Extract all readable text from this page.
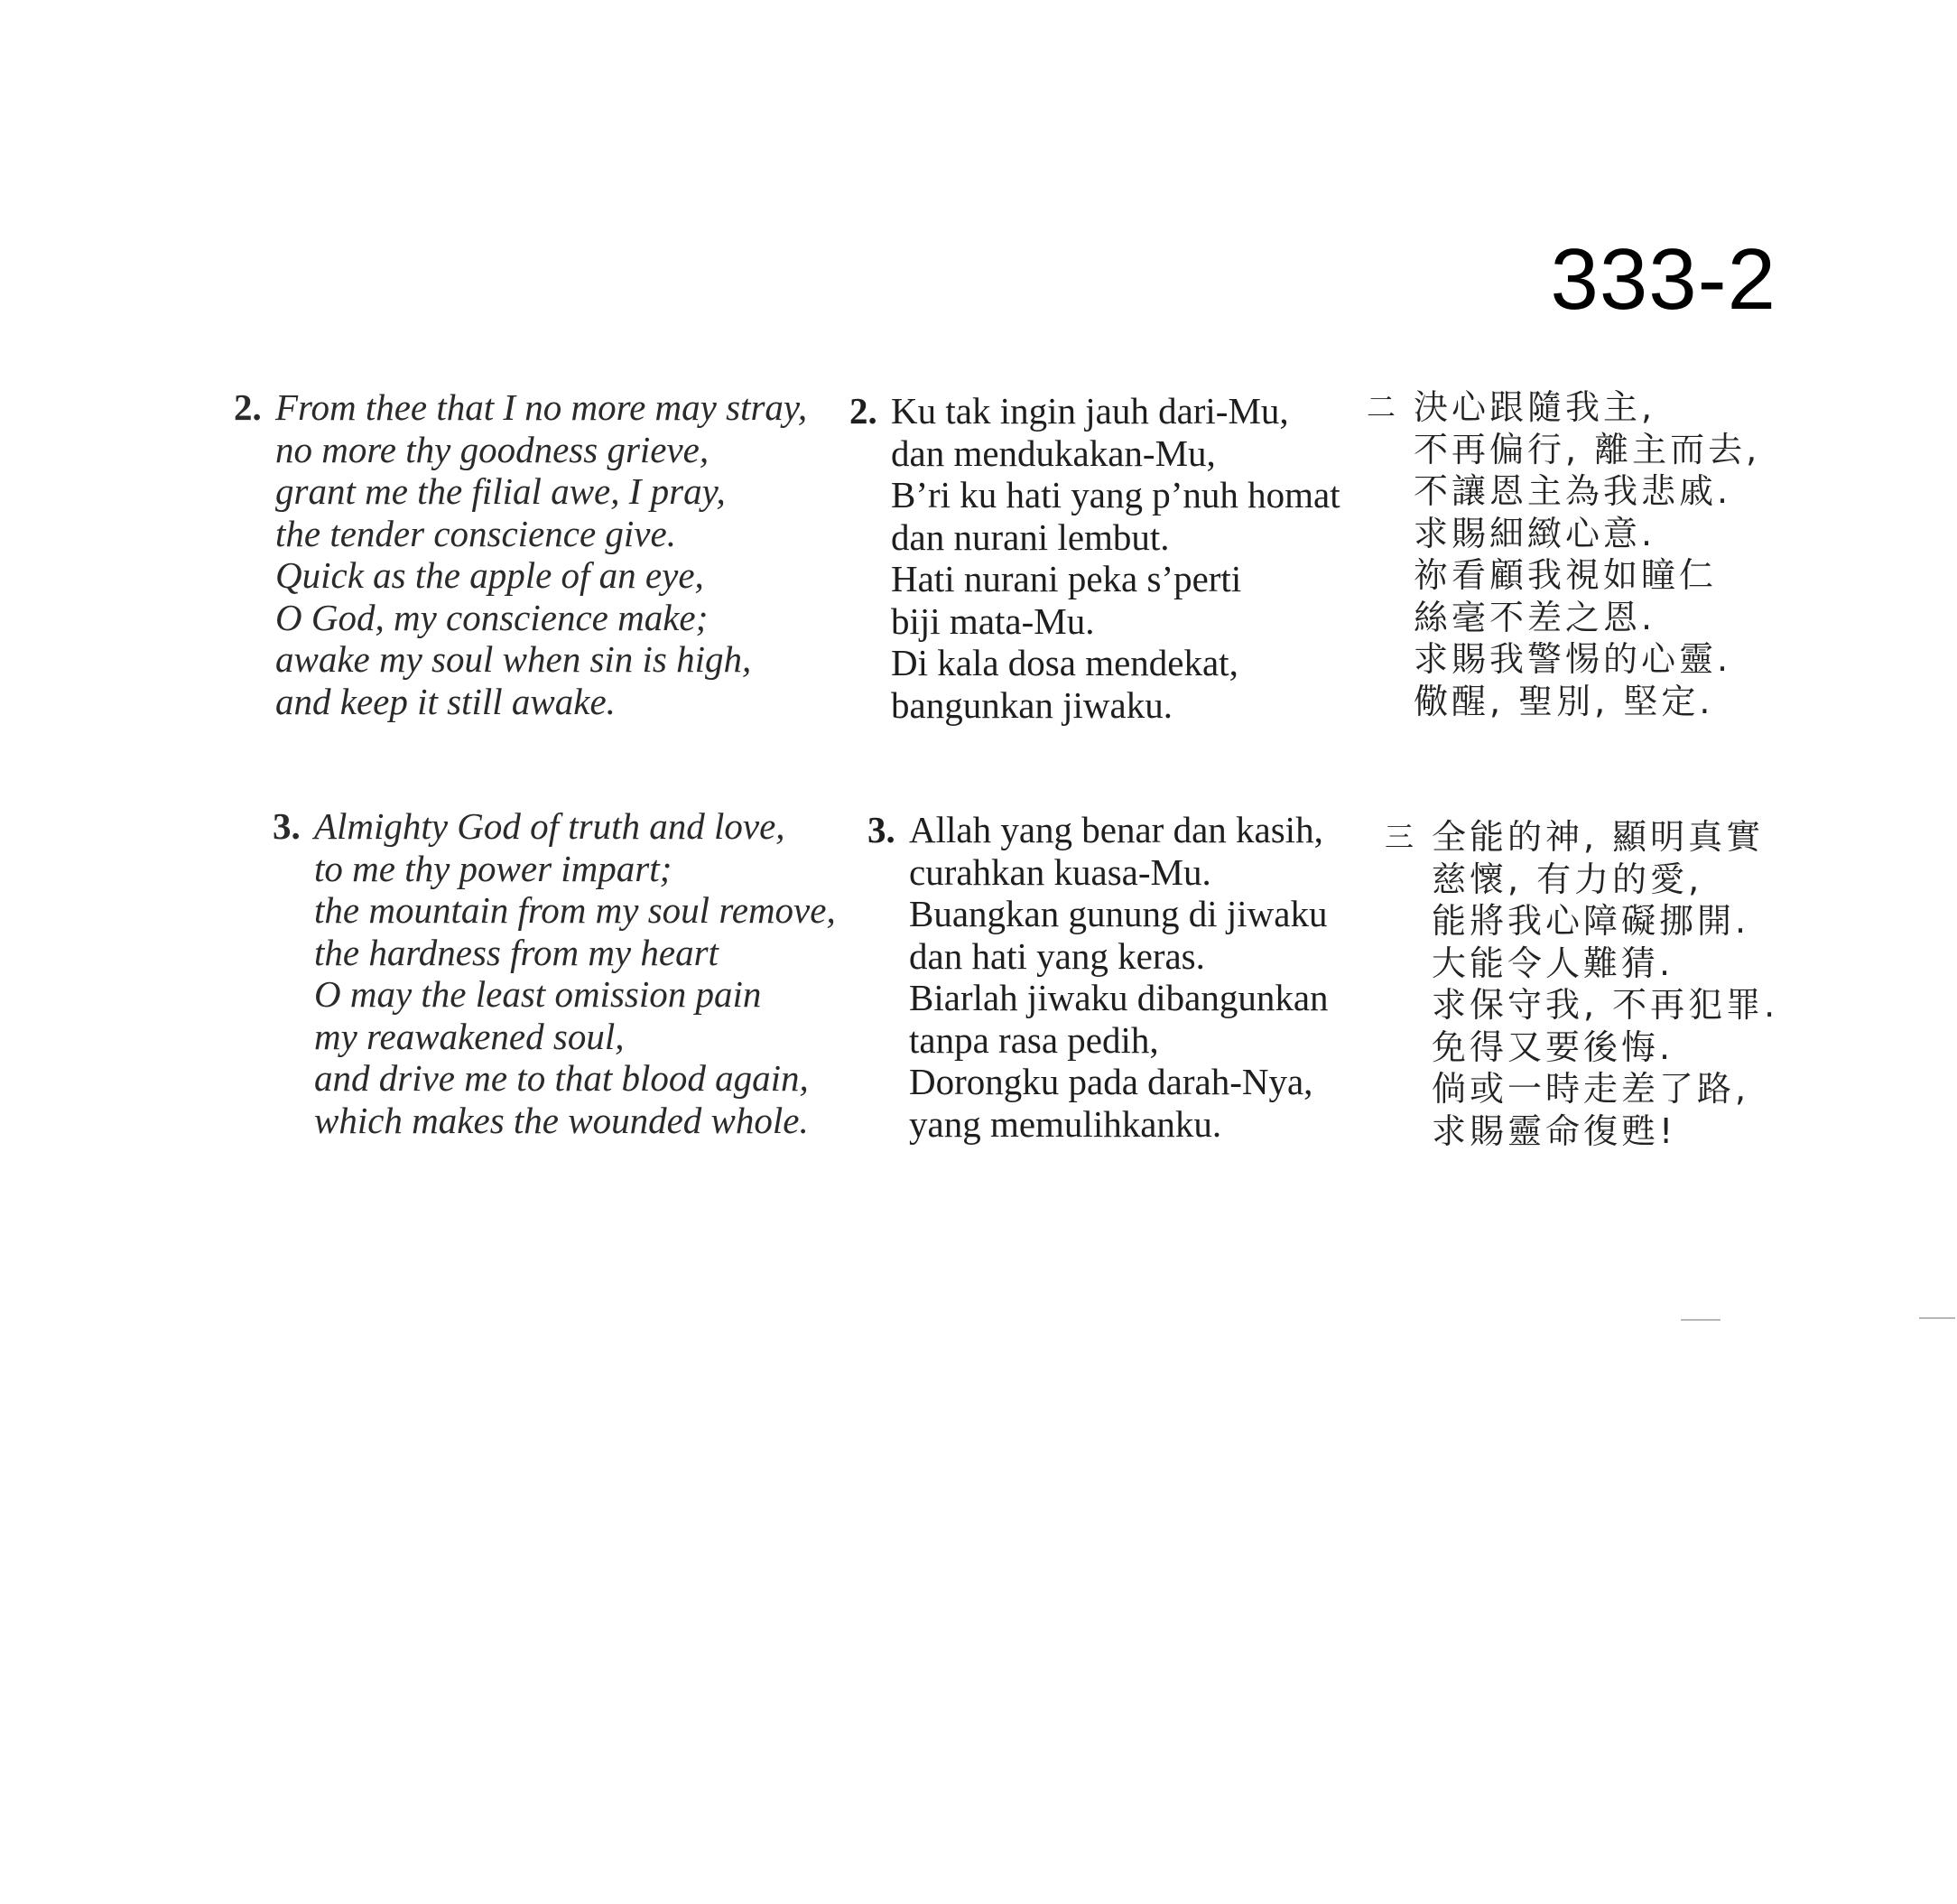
333-2
2. From thee that I no more may stray,
no more thy goodness grieve,
grant me the filial awe, I pray,
the tender conscience give.
Quick as the apple of an eye,
O God, my conscience make;
awake my soul when sin is high,
and keep it still awake.
2. Ku tak ingin jauh dari-Mu,
dan mendukakan-Mu,
B’ri ku hati yang p’nuh homat
dan nurani lembut.
Hati nurani peka s’perti
biji mata-Mu.
Di kala dosa mendekat,
bangunkan jiwaku.
二 決心跟隨我主,
不再偏行, 離主而去,
不讓恩主為我悲戚.
求賜細緻心意.
祢看顧我視如瞳仁
絲毫不差之恩.
求賜我警惕的心靈.
儆醒, 聖別, 堅定.
3. Almighty God of truth and love,
to me thy power impart;
the mountain from my soul remove,
the hardness from my heart
O may the least omission pain
my reawakened soul,
and drive me to that blood again,
which makes the wounded whole.
3. Allah yang benar dan kasih,
curahkan kuasa-Mu.
Buangkan gunung di jiwaku
dan hati yang keras.
Biarlah jiwaku dibangunkan
tanpa rasa pedih,
Dorongku pada darah-Nya,
yang memulihkanku.
三 全能的神, 顯明真實
慈懷, 有力的愛,
能將我心障礙挪開.
大能令人難猜.
求保守我, 不再犯罪.
免得又要後悔.
倘或一時走差了路,
求賜靈命復甦!
